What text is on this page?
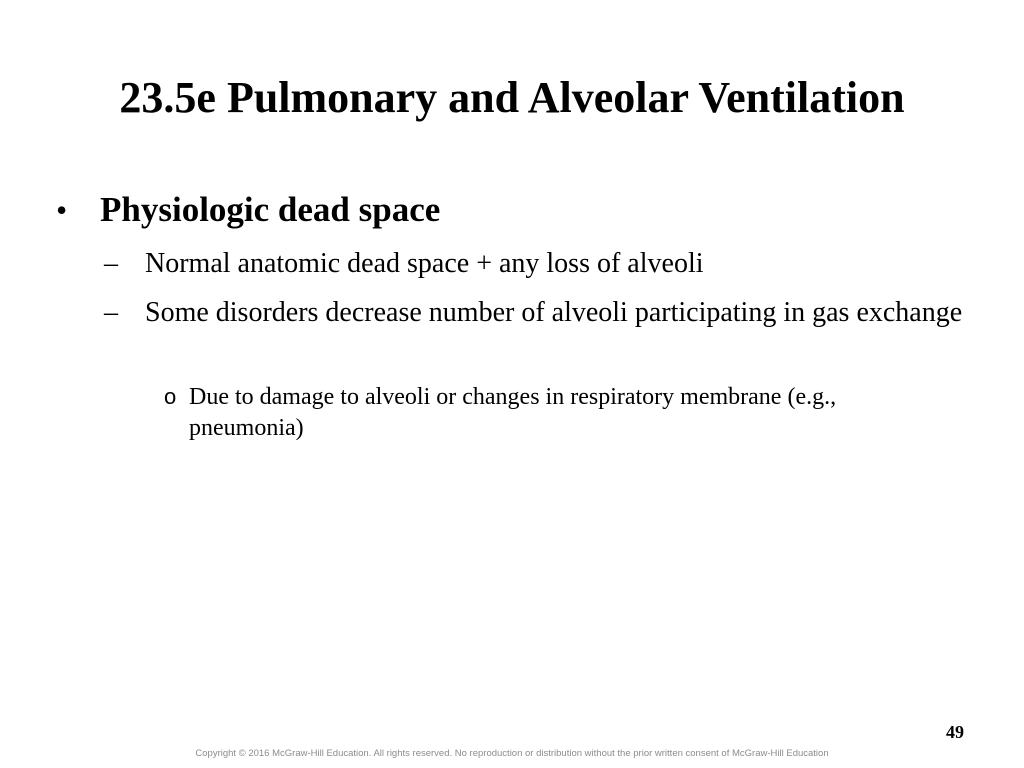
23.5e Pulmonary and Alveolar Ventilation
• Physiologic dead space
– Normal anatomic dead space + any loss of alveoli
– Some disorders decrease number of alveoli participating in gas exchange
o Due to damage to alveoli or changes in respiratory membrane (e.g., pneumonia)
49
Copyright © 2016 McGraw-Hill Education. All rights reserved. No reproduction or distribution without the prior written consent of McGraw-Hill Education
